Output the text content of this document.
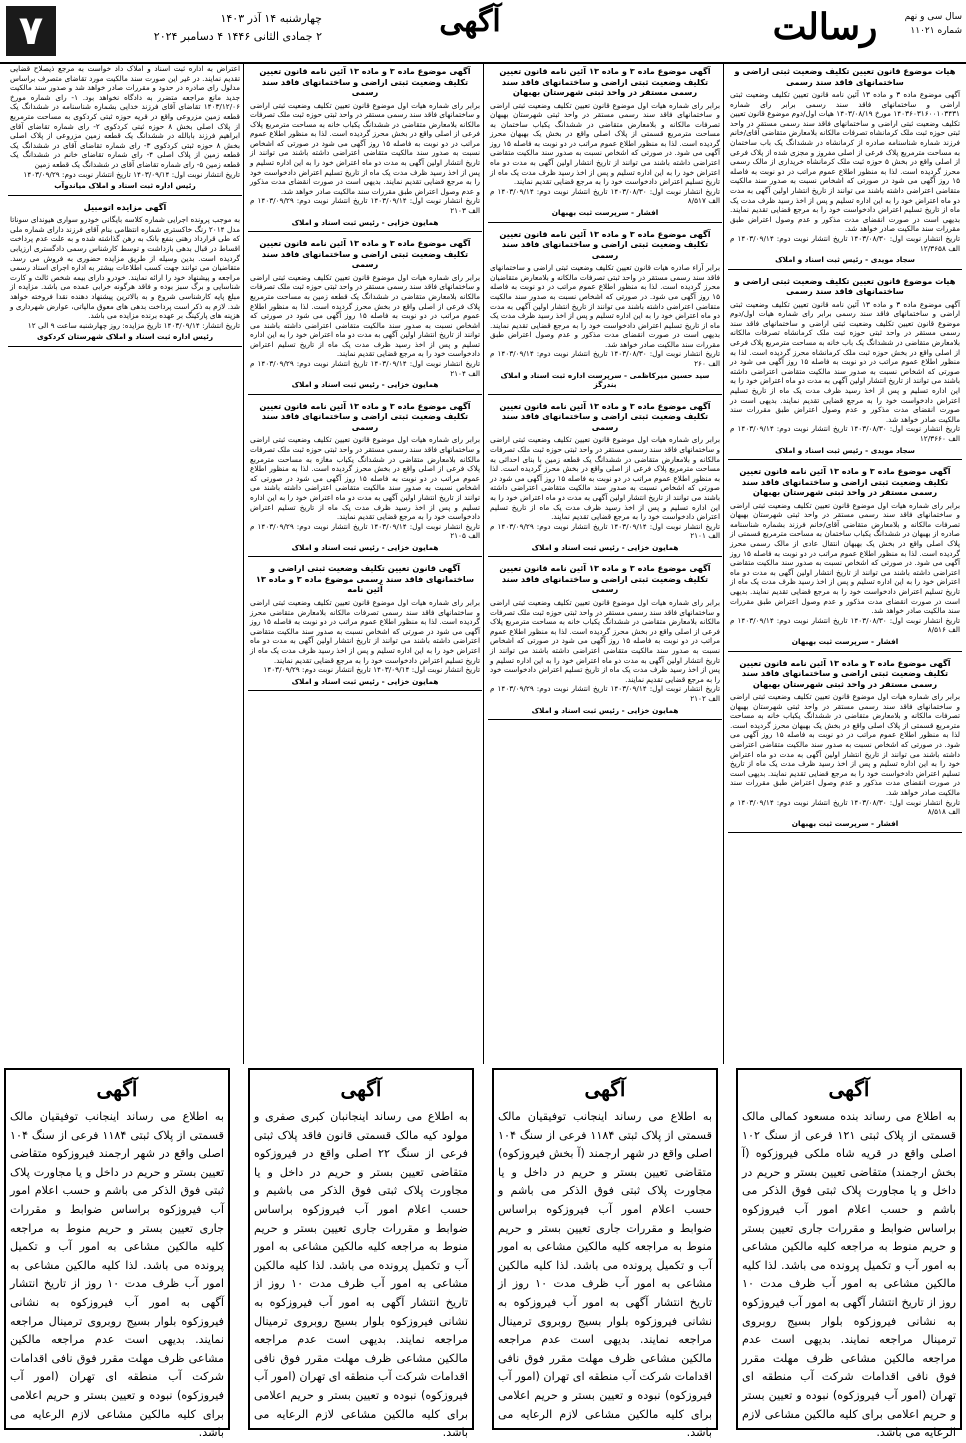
۷	چهارشنبه ۱۴ آذر ۱۴۰۳
۲ جمادی الثانی ۱۴۴۶ ۴ دسامبر ۲۰۲۴	آگهی	رسالت	سال سی و نهم
شماره ۱۱۰۲۱
هیات موضوع قانون تعیین تکلیف وضعیت ثبتی اراضی و ساختمانهای فاقد سند رسمی
آگهی موضوع ماده ۳ و ماده ۱۳ آئین نامه قانون تعیین تکلیف وضعیت ثبتی اراضی و ساختمانهای فاقد سند رسمی برابر رای شماره ۱۴۰۳۶۰۳۱۶۰۰۱۰۳۴۳۱ مورخ ۱۴۰۳/۰۸/۱۹ هیات اول/دوم موضوع قانون تعیین تکلیف وضعیت ثبتی اراضی و ساختمانهای فاقد سند رسمی مستقر در واحد ثبتی حوزه ثبت ملک کرمانشاه تصرفات مالکانه بلامعارض متقاضی آقای/خانم فرزند شماره شناسنامه صادره از کرمانشاه در ششدانگ یک باب ساختمان به مساحت مترمربع پلاک فرعی از اصلی مفروز و مجزی شده از پلاک فرعی از اصلی واقع در بخش ۵ حوزه ثبت ملک کرمانشاه خریداری از مالک رسمی محرز گردیده است. لذا به منظور اطلاع عموم مراتب در دو نوبت به فاصله ۱۵ روز آگهی می شود در صورتی که اشخاص نسبت به صدور سند مالکیت متقاضی اعتراضی داشته باشند می توانند از تاریخ انتشار اولین آگهی به مدت دو ماه اعتراض خود را به این اداره تسلیم و پس از اخذ رسید ظرف مدت یک ماه از تاریخ تسلیم اعتراض دادخواست خود را به مرجع قضایی تقدیم نمایند. بدیهی است در صورت انقضای مدت مذکور و عدم وصول اعتراض طبق مقررات سند مالکیت صادر خواهد شد.
تاریخ انتشار نوبت اول: ۱۴۰۳/۰۸/۳۰ تاریخ انتشار نوبت دوم: ۱۴۰۳/۰۹/۱۴ م الف ۱۲/۳۶۵۸
سجاد مویدی - رئیس ثبت اسناد و املاک
هیات موضوع قانون تعیین تکلیف وضعیت ثبتی اراضی و ساختمانهای فاقد سند رسمی
آگهی موضوع ماده ۳ و ماده ۱۳ آئین نامه قانون تعیین تکلیف وضعیت ثبتی اراضی و ساختمانهای فاقد سند رسمی برابر رای شماره هیات اول/دوم موضوع قانون تعیین تکلیف وضعیت ثبتی اراضی و ساختمانهای فاقد سند رسمی مستقر در واحد ثبتی حوزه ثبت ملک کرمانشاه تصرفات مالکانه بلامعارض متقاضی در ششدانگ یک باب خانه به مساحت مترمربع پلاک فرعی از اصلی واقع در بخش حوزه ثبت ملک کرمانشاه محرز گردیده است. لذا به منظور اطلاع عموم مراتب در دو نوبت به فاصله ۱۵ روز آگهی می شود در صورتی که اشخاص نسبت به صدور سند مالکیت متقاضی اعتراضی داشته باشند می توانند از تاریخ انتشار اولین آگهی به مدت دو ماه اعتراض خود را به این اداره تسلیم و پس از اخذ رسید ظرف مدت یک ماه از تاریخ تسلیم اعتراض دادخواست خود را به مرجع قضایی تقدیم نمایند. بدیهی است در صورت انقضای مدت مذکور و عدم وصول اعتراض طبق مقررات سند مالکیت صادر خواهد شد.
تاریخ انتشار نوبت اول: ۱۴۰۳/۰۸/۳۰ تاریخ انتشار نوبت دوم: ۱۴۰۳/۰۹/۱۴ م الف ۱۲/۳۶۶۰
سجاد مویدی - رئیس ثبت اسناد و املاک
آگهی موضوع ماده ۳ و ماده ۱۳ آئین نامه قانون تعیین تکلیف وضعیت ثبتی اراضی و ساختمانهای فاقد سند رسمی مستقر در واحد ثبتی شهرستان بهبهان
برابر رای شماره هیات اول موضوع قانون تعیین تکلیف وضعیت ثبتی اراضی و ساختمانهای فاقد سند رسمی مستقر در واحد ثبتی شهرستان بهبهان تصرفات مالکانه و بلامعارض متقاضی آقای/خانم فرزند بشماره شناسنامه صادره از بهبهان در ششدانگ یکباب ساختمان به مساحت مترمربع قسمتی از پلاک اصلی واقع در بخش یک بهبهان انتقال عادی از مالک رسمی محرز گردیده است. لذا به منظور اطلاع عموم مراتب در دو نوبت به فاصله ۱۵ روز آگهی می شود. در صورتی که اشخاص نسبت به صدور سند مالکیت متقاضی اعتراضی داشته باشند می توانند از تاریخ انتشار اولین آگهی به مدت دو ماه اعتراض خود را به این اداره تسلیم و پس از اخذ رسید ظرف مدت یک ماه از تاریخ تسلیم اعتراض دادخواست خود را به مرجع قضایی تقدیم نمایند. بدیهی است در صورت انقضای مدت مذکور و عدم وصول اعتراض طبق مقررات سند مالکیت صادر خواهد شد.
تاریخ انتشار نوبت اول: ۱۴۰۳/۰۸/۳۰ تاریخ انتشار نوبت دوم: ۱۴۰۳/۰۹/۱۴ م الف ۸/۵۱۶
افشار - سرپرست ثبت بهبهان
آگهی موضوع ماده ۳ و ماده ۱۳ آئین نامه قانون تعیین تکلیف وضعیت ثبتی اراضی و ساختمانهای فاقد سند رسمی مستقر در واحد ثبتی شهرستان بهبهان
برابر رای شماره هیات اول موضوع قانون تعیین تکلیف وضعیت ثبتی اراضی و ساختمانهای فاقد سند رسمی مستقر در واحد ثبتی شهرستان بهبهان تصرفات مالکانه و بلامعارض متقاضی در ششدانگ یکباب خانه به مساحت مترمربع قسمتی از پلاک اصلی واقع در بخش یک بهبهان محرز گردیده است. لذا به منظور اطلاع عموم مراتب در دو نوبت به فاصله ۱۵ روز آگهی می شود. در صورتی که اشخاص نسبت به صدور سند مالکیت متقاضی اعتراضی داشته باشند می توانند از تاریخ انتشار اولین آگهی به مدت دو ماه اعتراض خود را به این اداره تسلیم و پس از اخذ رسید ظرف مدت یک ماه از تاریخ تسلیم اعتراض دادخواست خود را به مرجع قضایی تقدیم نمایند. بدیهی است در صورت انقضای مدت مذکور و عدم وصول اعتراض طبق مقررات سند مالکیت صادر خواهد شد.
تاریخ انتشار نوبت اول: ۱۴۰۳/۰۸/۳۰ تاریخ انتشار نوبت دوم: ۱۴۰۳/۰۹/۱۴ م الف ۸/۵۱۸
افشار - سرپرست ثبت بهبهان
آگهی موضوع ماده ۳ و ماده ۱۳ آئین نامه قانون تعیین تکلیف وضعیت ثبتی اراضی و ساختمانهای فاقد سند رسمی مستقر در واحد ثبتی شهرستان بهبهان
برابر رای شماره هیات اول موضوع قانون تعیین تکلیف وضعیت ثبتی اراضی و ساختمانهای فاقد سند رسمی مستقر در واحد ثبتی شهرستان بهبهان تصرفات مالکانه و بلامعارض متقاضی در ششدانگ یکباب ساختمان به مساحت مترمربع قسمتی از پلاک اصلی واقع در بخش یک بهبهان محرز گردیده است. لذا به منظور اطلاع عموم مراتب در دو نوبت به فاصله ۱۵ روز آگهی می شود. در صورتی که اشخاص نسبت به صدور سند مالکیت متقاضی اعتراضی داشته باشند می توانند از تاریخ انتشار اولین آگهی به مدت دو ماه اعتراض خود را به این اداره تسلیم و پس از اخذ رسید ظرف مدت یک ماه از تاریخ تسلیم اعتراض دادخواست خود را به مرجع قضایی تقدیم نمایند.
تاریخ انتشار نوبت اول: ۱۴۰۳/۰۸/۳۰ تاریخ انتشار نوبت دوم: ۱۴۰۳/۰۹/۱۴ م الف ۸/۵۱۷
افشار - سرپرست ثبت بهبهان
آگهی موضوع ماده ۳ و ماده ۱۳ آئین نامه قانون تعیین تکلیف وضعیت ثبتی اراضی و ساختمانهای فاقد سند رسمی
برابر آراء صادره هیات قانون تعیین تکلیف وضعیت ثبتی اراضی و ساختمانهای فاقد سند رسمی مستقر در واحد ثبتی تصرفات مالکانه و بلامعارض متقاضیان محرز گردیده است. لذا به منظور اطلاع عموم مراتب در دو نوبت به فاصله ۱۵ روز آگهی می شود. در صورتی که اشخاص نسبت به صدور سند مالکیت متقاضی اعتراضی داشته باشند می توانند از تاریخ انتشار اولین آگهی به مدت دو ماه اعتراض خود را به این اداره تسلیم و پس از اخذ رسید ظرف مدت یک ماه از تاریخ تسلیم اعتراض دادخواست خود را به مرجع قضایی تقدیم نمایند. بدیهی است در صورت انقضای مدت مذکور و عدم وصول اعتراض طبق مقررات سند مالکیت صادر خواهد شد.
تاریخ انتشار نوبت اول: ۱۴۰۳/۰۸/۳۰ تاریخ انتشار نوبت دوم: ۱۴۰۳/۰۹/۱۴ م الف ۲۶۰
سید حسین میرکاظمی - سرپرست اداره ثبت اسناد و املاک بندرگز
آگهی موضوع ماده ۳ و ماده ۱۳ آئین نامه قانون تعیین تکلیف وضعیت ثبتی اراضی و ساختمانهای فاقد سند رسمی
برابر رای شماره هیات اول موضوع قانون تعیین تکلیف وضعیت ثبتی اراضی و ساختمانهای فاقد سند رسمی مستقر در واحد ثبتی حوزه ثبت ملک تصرفات مالکانه و بلامعارض متقاضی در ششدانگ یک قطعه زمین با بنای احداثی به مساحت مترمربع پلاک فرعی از اصلی واقع در بخش محرز گردیده است. لذا به منظور اطلاع عموم مراتب در دو نوبت به فاصله ۱۵ روز آگهی می شود در صورتی که اشخاص نسبت به صدور سند مالکیت متقاضی اعتراضی داشته باشند می توانند از تاریخ انتشار اولین آگهی به مدت دو ماه اعتراض خود را به این اداره تسلیم و پس از اخذ رسید ظرف مدت یک ماه از تاریخ تسلیم اعتراض دادخواست خود را به مرجع قضایی تقدیم نمایند.
تاریخ انتشار نوبت اول: ۱۴۰۳/۰۹/۱۴ تاریخ انتشار نوبت دوم: ۱۴۰۳/۰۹/۲۹ م الف ۲۱۰۱
همایون خزایی - رئیس ثبت اسناد و املاک
آگهی موضوع ماده ۳ و ماده ۱۳ آئین نامه قانون تعیین تکلیف وضعیت ثبتی اراضی و ساختمانهای فاقد سند رسمی
برابر رای شماره هیات اول موضوع قانون تعیین تکلیف وضعیت ثبتی اراضی و ساختمانهای فاقد سند رسمی مستقر در واحد ثبتی حوزه ثبت ملک تصرفات مالکانه بلامعارض متقاضی در ششدانگ یکباب خانه به مساحت مترمربع پلاک فرعی از اصلی واقع در بخش محرز گردیده است. لذا به منظور اطلاع عموم مراتب در دو نوبت به فاصله ۱۵ روز آگهی می شود در صورتی که اشخاص نسبت به صدور سند مالکیت متقاضی اعتراضی داشته باشند می توانند از تاریخ انتشار اولین آگهی به مدت دو ماه اعتراض خود را به این اداره تسلیم و پس از اخذ رسید ظرف مدت یک ماه از تاریخ تسلیم اعتراض دادخواست خود را به مرجع قضایی تقدیم نمایند.
تاریخ انتشار نوبت اول: ۱۴۰۳/۰۹/۱۴ تاریخ انتشار نوبت دوم: ۱۴۰۳/۰۹/۲۹ م الف ۲۱۰۲
همایون خزایی - رئیس ثبت اسناد و املاک
آگهی موضوع ماده ۳ و ماده ۱۳ آئین نامه قانون تعیین تکلیف وضعیت ثبتی اراضی و ساختمانهای فاقد سند رسمی
برابر رای شماره هیات اول موضوع قانون تعیین تکلیف وضعیت ثبتی اراضی و ساختمانهای فاقد سند رسمی مستقر در واحد ثبتی حوزه ثبت ملک تصرفات مالکانه بلامعارض متقاضی در ششدانگ یکباب خانه به مساحت مترمربع پلاک فرعی از اصلی واقع در بخش محرز گردیده است. لذا به منظور اطلاع عموم مراتب در دو نوبت به فاصله ۱۵ روز آگهی می شود در صورتی که اشخاص نسبت به صدور سند مالکیت متقاضی اعتراضی داشته باشند می توانند از تاریخ انتشار اولین آگهی به مدت دو ماه اعتراض خود را به این اداره تسلیم و پس از اخذ رسید ظرف مدت یک ماه از تاریخ تسلیم اعتراض دادخواست خود را به مرجع قضایی تقدیم نمایند. بدیهی است در صورت انقضای مدت مذکور و عدم وصول اعتراض طبق مقررات سند مالکیت صادر خواهد شد.
تاریخ انتشار نوبت اول: ۱۴۰۳/۰۹/۱۴ تاریخ انتشار نوبت دوم: ۱۴۰۳/۰۹/۲۹ م الف ۲۱۰۳
همایون خزایی - رئیس ثبت اسناد و املاک
آگهی موضوع ماده ۳ و ماده ۱۳ آئین نامه قانون تعیین تکلیف وضعیت ثبتی اراضی و ساختمانهای فاقد سند رسمی
برابر رای شماره هیات اول موضوع قانون تعیین تکلیف وضعیت ثبتی اراضی و ساختمانهای فاقد سند رسمی مستقر در واحد ثبتی حوزه ثبت ملک تصرفات مالکانه بلامعارض متقاضی در ششدانگ یک قطعه زمین به مساحت مترمربع پلاک فرعی از اصلی واقع در بخش محرز گردیده است. لذا به منظور اطلاع عموم مراتب در دو نوبت به فاصله ۱۵ روز آگهی می شود در صورتی که اشخاص نسبت به صدور سند مالکیت متقاضی اعتراضی داشته باشند می توانند از تاریخ انتشار اولین آگهی به مدت دو ماه اعتراض خود را به این اداره تسلیم و پس از اخذ رسید ظرف مدت یک ماه از تاریخ تسلیم اعتراض دادخواست خود را به مرجع قضایی تقدیم نمایند.
تاریخ انتشار نوبت اول: ۱۴۰۳/۰۹/۱۴ تاریخ انتشار نوبت دوم: ۱۴۰۳/۰۹/۲۹ م الف ۲۱۰۴
همایون خزایی - رئیس ثبت اسناد و املاک
آگهی موضوع ماده ۳ و ماده ۱۳ آئین نامه قانون تعیین تکلیف وضعیت ثبتی اراضی و ساختمانهای فاقد سند رسمی
برابر رای شماره هیات اول موضوع قانون تعیین تکلیف وضعیت ثبتی اراضی و ساختمانهای فاقد سند رسمی مستقر در واحد ثبتی حوزه ثبت ملک تصرفات مالکانه بلامعارض متقاضی در ششدانگ یکباب مغازه به مساحت مترمربع پلاک فرعی از اصلی واقع در بخش محرز گردیده است. لذا به منظور اطلاع عموم مراتب در دو نوبت به فاصله ۱۵ روز آگهی می شود در صورتی که اشخاص نسبت به صدور سند مالکیت متقاضی اعتراضی داشته باشند می توانند از تاریخ انتشار اولین آگهی به مدت دو ماه اعتراض خود را به این اداره تسلیم و پس از اخذ رسید ظرف مدت یک ماه از تاریخ تسلیم اعتراض دادخواست خود را به مرجع قضایی تقدیم نمایند.
تاریخ انتشار نوبت اول: ۱۴۰۳/۰۹/۱۴ تاریخ انتشار نوبت دوم: ۱۴۰۳/۰۹/۲۹ م الف ۲۱۰۵
همایون خزایی - رئیس ثبت اسناد و املاک
آگهی قانون تعیین تکلیف وضعیت ثبتی اراضی و ساختمانهای فاقد سند رسمی موضوع ماده ۳ و ماده ۱۳ آئین نامه
برابر رای شماره هیات اول موضوع قانون تعیین تکلیف وضعیت ثبتی اراضی و ساختمانهای فاقد سند رسمی تصرفات مالکانه بلامعارض متقاضی محرز گردیده است. لذا به منظور اطلاع عموم مراتب در دو نوبت به فاصله ۱۵ روز آگهی می شود در صورتی که اشخاص نسبت به صدور سند مالکیت متقاضی اعتراضی داشته باشند می توانند از تاریخ انتشار اولین آگهی به مدت دو ماه اعتراض خود را به این اداره تسلیم و پس از اخذ رسید ظرف مدت یک ماه از تاریخ تسلیم اعتراض دادخواست خود را به مرجع قضایی تقدیم نمایند.
تاریخ انتشار نوبت اول: ۱۴۰۳/۰۹/۱۴ تاریخ انتشار نوبت دوم: ۱۴۰۳/۰۹/۲۹
همایون خزایی - رئیس ثبت اسناد و املاک
اعتراض به اداره ثبت اسناد و املاک داد خواست به مرجع ذیصلاح قضایی تقدیم نمایند. در غیر این صورت سند مالکیت مورد تقاضای متصرف براساس مدلول رای صادره در حدود و مقررات صادر خواهد شد و صدور سند مالکیت جدید مانع مراجعه متضرر به دادگاه نخواهد بود. ۱- رای شماره مورخ ۱۴۰۳/۱۲/۰۶ تقاضای آقای فرزند خدایی بشماره شناسنامه در ششدانگ یک قطعه زمین مزروعی واقع در قریه حوزه ثبتی کردکوی به مساحت مترمربع از پلاک اصلی بخش ۸ حوزه ثبتی کردکوی ۲- رای شماره تقاضای آقای ابراهیم فرزند بابالله در ششدانگ یک قطعه زمین مزروعی از پلاک اصلی بخش ۸ حوزه ثبتی کردکوی ۳- رای شماره تقاضای آقای در ششدانگ یک قطعه زمین از پلاک اصلی ۴- رای شماره تقاضای خانم در ششدانگ یک قطعه زمین ۵- رای شماره تقاضای آقای در ششدانگ یک قطعه زمین
تاریخ انتشار نوبت اول: ۱۴۰۳/۰۹/۱۴ تاریخ انتشار نوبت دوم: ۱۴۰۳/۰۹/۲۹
رئیس اداره ثبت اسناد و املاک میاندوآب
آگهی مزایده اتومبیل
به موجب پرونده اجرایی شماره کلاسه بایگانی خودرو سواری هیوندای سوناتا مدل ۲۰۱۴ رنگ خاکستری شماره انتظامی بنام آقای فرزند دارای شماره ملی که طی قرارداد رهنی بنفع بانک به رهن گذاشته شده و به علت عدم پرداخت اقساط در قبال بدهی بازداشت و توسط کارشناس رسمی دادگستری ارزیابی گردیده است. بدین وسیله از طریق مزایده حضوری به فروش می رسد. متقاضیان می توانند جهت کسب اطلاعات بیشتر به اداره اجرای اسناد رسمی مراجعه و پیشنهاد خود را ارائه نمایند. خودرو دارای بیمه شخص ثالث و کارت شناسایی و برگ سبز بوده و فاقد هرگونه خرابی عمده می باشد. مزایده از مبلغ پایه کارشناسی شروع و به بالاترین پیشنهاد دهنده نقدا فروخته خواهد شد. لازم به ذکر است پرداخت بدهی های معوق مالیاتی، عوارض شهرداری و هزینه های پارکینگ بر عهده برنده مزایده می باشد.
تاریخ انتشار: ۱۴۰۳/۰۹/۱۴ تاریخ مزایده: روز چهارشنبه ساعت ۹ الی ۱۲
رئیس اداره ثبت اسناد و املاک شهرستان کردکوی
آگهی
به اطلاع می رساند بنده مسعود کمالی مالک قسمتی از پلاک ثبتی ۱۲۱ فرعی از سنگ ۱۰۲ اصلی واقع در قریه شاه ملکی فیروزکوه (آ بخش ارجمند) متقاضی تعیین بستر و حریم در داخل و یا مجاورت پلاک ثبتی فوق الذکر می باشم و حسب اعلام امور آب فیروزکوه براساس ضوابط و مقررات جاری تعیین بستر و حریم منوط به مراجعه کلیه مالکین مشاعی به امور آب و تکمیل پرونده می باشد. لذا کلیه مالکین مشاعی به امور آب ظرف مدت ۱۰ روز از تاریخ انتشار آگهی به امور آب فیروزکوه به نشانی فیروزکوه بلوار بسیج روبروی ترمینال مراجعه نمایند. بدیهی است عدم مراجعه مالکین مشاعی ظرف مهلت مقرر فوق نافی اقدامات شرکت آب منطقه ای تهران (امور آب فیروزکوه) نبوده و تعیین بستر و حریم اعلامی برای کلیه مالکین مشاعی لازم الرعایه می باشد.
آگهی
به اطلاع می رساند اینجانب توفیقیان مالک قسمتی از پلاک ثبتی ۱۱۸۴ فرعی از سنگ ۱۰۴ اصلی واقع در شهر ارجمند (آ بخش فیروزکوه) متقاضی تعیین بستر و حریم در داخل و یا مجاورت پلاک ثبتی فوق الذکر می باشم و حسب اعلام امور آب فیروزکوه براساس ضوابط و مقررات جاری تعیین بستر و حریم منوط به مراجعه کلیه مالکین مشاعی به امور آب و تکمیل پرونده می باشد. لذا کلیه مالکین مشاعی به امور آب ظرف مدت ۱۰ روز از تاریخ انتشار آگهی به امور آب فیروزکوه به نشانی فیروزکوه بلوار بسیج روبروی ترمینال مراجعه نمایند. بدیهی است عدم مراجعه مالکین مشاعی ظرف مهلت مقرر فوق نافی اقدامات شرکت آب منطقه ای تهران (امور آب فیروزکوه) نبوده و تعیین بستر و حریم اعلامی برای کلیه مالکین مشاعی لازم الرعایه می باشد.
آگهی
به اطلاع می رساند اینجانبان کبری صفری و مولود کیه مالک قسمتی قانون فاقد پلاک ثبتی فرعی از سنگ ۲۲ اصلی واقع در فیروزکوه متقاضی تعیین بستر و حریم در داخل و یا مجاورت پلاک ثبتی فوق الذکر می باشیم و حسب اعلام امور آب فیروزکوه براساس ضوابط و مقررات جاری تعیین بستر و حریم منوط به مراجعه کلیه مالکین مشاعی به امور آب و تکمیل پرونده می باشد. لذا کلیه مالکین مشاعی به امور آب ظرف مدت ۱۰ روز از تاریخ انتشار آگهی به امور آب فیروزکوه به نشانی فیروزکوه بلوار بسیج روبروی ترمینال مراجعه نمایند. بدیهی است عدم مراجعه مالکین مشاعی ظرف مهلت مقرر فوق نافی اقدامات شرکت آب منطقه ای تهران (امور آب فیروزکوه) نبوده و تعیین بستر و حریم اعلامی برای کلیه مالکین مشاعی لازم الرعایه می باشد.
آگهی
به اطلاع می رساند اینجانب توفیقیان مالک قسمتی از پلاک ثبتی ۱۱۸۴ فرعی از سنگ ۱۰۴ اصلی واقع در شهر ارجمند فیروزکوه متقاضی تعیین بستر و حریم در داخل و یا مجاورت پلاک ثبتی فوق الذکر می باشم و حسب اعلام امور آب فیروزکوه براساس ضوابط و مقررات جاری تعیین بستر و حریم منوط به مراجعه کلیه مالکین مشاعی به امور آب و تکمیل پرونده می باشد. لذا کلیه مالکین مشاعی به امور آب ظرف مدت ۱۰ روز از تاریخ انتشار آگهی به امور آب فیروزکوه به نشانی فیروزکوه بلوار بسیج روبروی ترمینال مراجعه نمایند. بدیهی است عدم مراجعه مالکین مشاعی ظرف مهلت مقرر فوق نافی اقدامات شرکت آب منطقه ای تهران (امور آب فیروزکوه) نبوده و تعیین بستر و حریم اعلامی برای کلیه مالکین مشاعی لازم الرعایه می باشد.
